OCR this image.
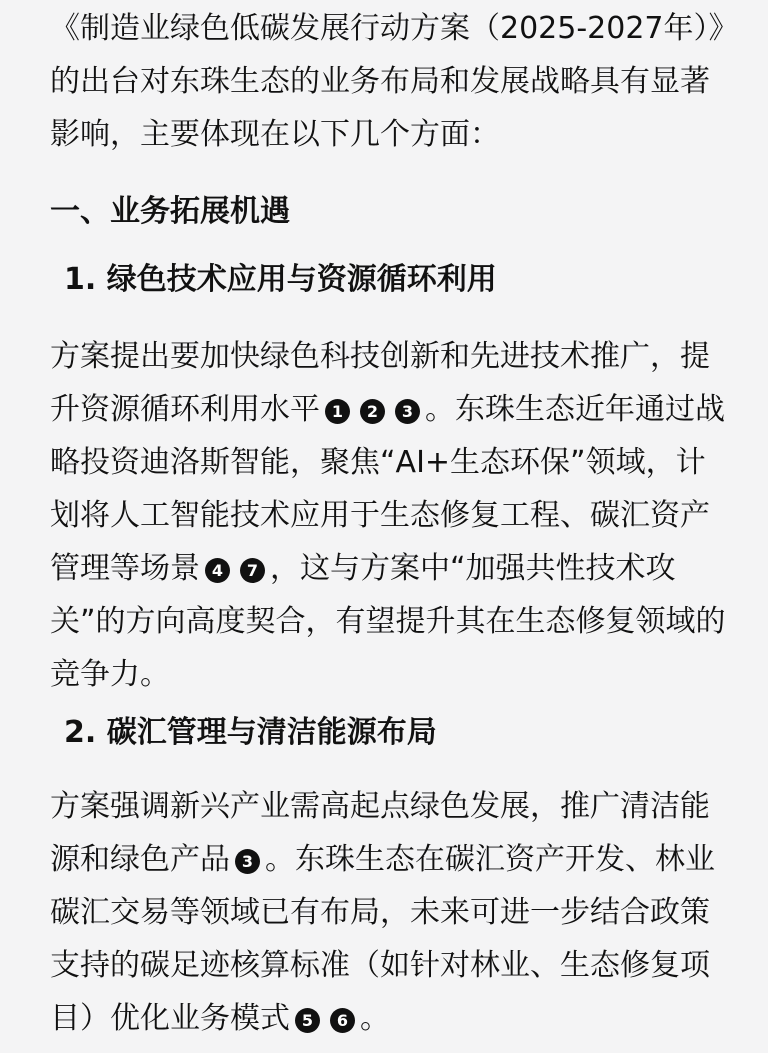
《制造业绿色低碳发展行动方案（2025-2027年）》的出台对东珠生态的业务布局和发展战略具有显著影响，主要体现在以下几个方面：

一、业务拓展机遇
1. 绿色技术应用与资源循环利用

方案提出要加快绿色科技创新和先进技术推广，提升资源循环利用水平 1 2 3 。东珠生态近年通过战略投资迪洛斯智能，聚焦“AI+生态环保”领域，计划将人工智能技术应用于生态修复工程、碳汇资产管理等场景 4 7 ，这与方案中“加强共性技术攻关”的方向高度契合，有望提升其在生态修复领域的竞争力。

2. 碳汇管理与清洁能源布局

方案强调新兴产业需高起点绿色发展，推广清洁能源和绿色产品 3 。东珠生态在碳汇资产开发、林业碳汇交易等领域已有布局，未来可进一步结合政策支持的碳足迹核算标准（如针对林业、生态修复项目）优化业务模式 5 6 。
